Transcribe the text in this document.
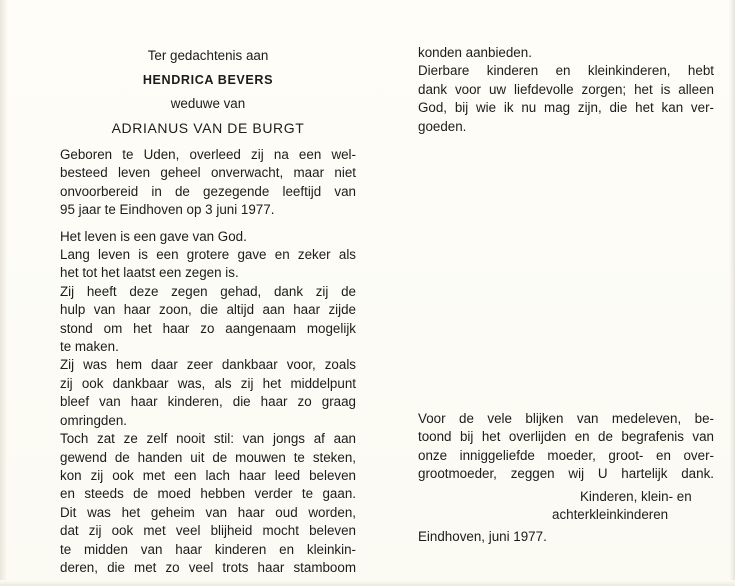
Ter gedachtenis aan
HENDRICA BEVERS
weduwe van
ADRIANUS VAN DE BURGT
Geboren te Uden, overleed zij na een wel-
besteed leven geheel onverwacht, maar niet
onvoorbereid in de gezegende leeftijd van
95 jaar te Eindhoven op 3 juni 1977.
Het leven is een gave van God.
Lang leven is een grotere gave en zeker als
het tot het laatst een zegen is.
Zij heeft deze zegen gehad, dank zij de
hulp van haar zoon, die altijd aan haar zijde
stond om het haar zo aangenaam mogelijk
te maken.
Zij was hem daar zeer dankbaar voor, zoals
zij ook dankbaar was, als zij het middelpunt
bleef van haar kinderen, die haar zo graag
omringden.
Toch zat ze zelf nooit stil: van jongs af aan
gewend de handen uit de mouwen te steken,
kon zij ook met een lach haar leed beleven
en steeds de moed hebben verder te gaan.
Dit was het geheim van haar oud worden,
dat zij ook met veel blijheid mocht beleven
te midden van haar kinderen en kleinkin-
deren, die met zo veel trots haar stamboom
konden aanbieden.
Dierbare kinderen en kleinkinderen, hebt
dank voor uw liefdevolle zorgen; het is alleen
God, bij wie ik nu mag zijn, die het kan ver-
goeden.
Voor de vele blijken van medeleven, be-
toond bij het overlijden en de begrafenis van
onze inniggeliefde moeder, groot- en over-
grootmoeder, zeggen wij U hartelijk dank.
Kinderen, klein- en
achterkleinkinderen
Eindhoven, juni 1977.
